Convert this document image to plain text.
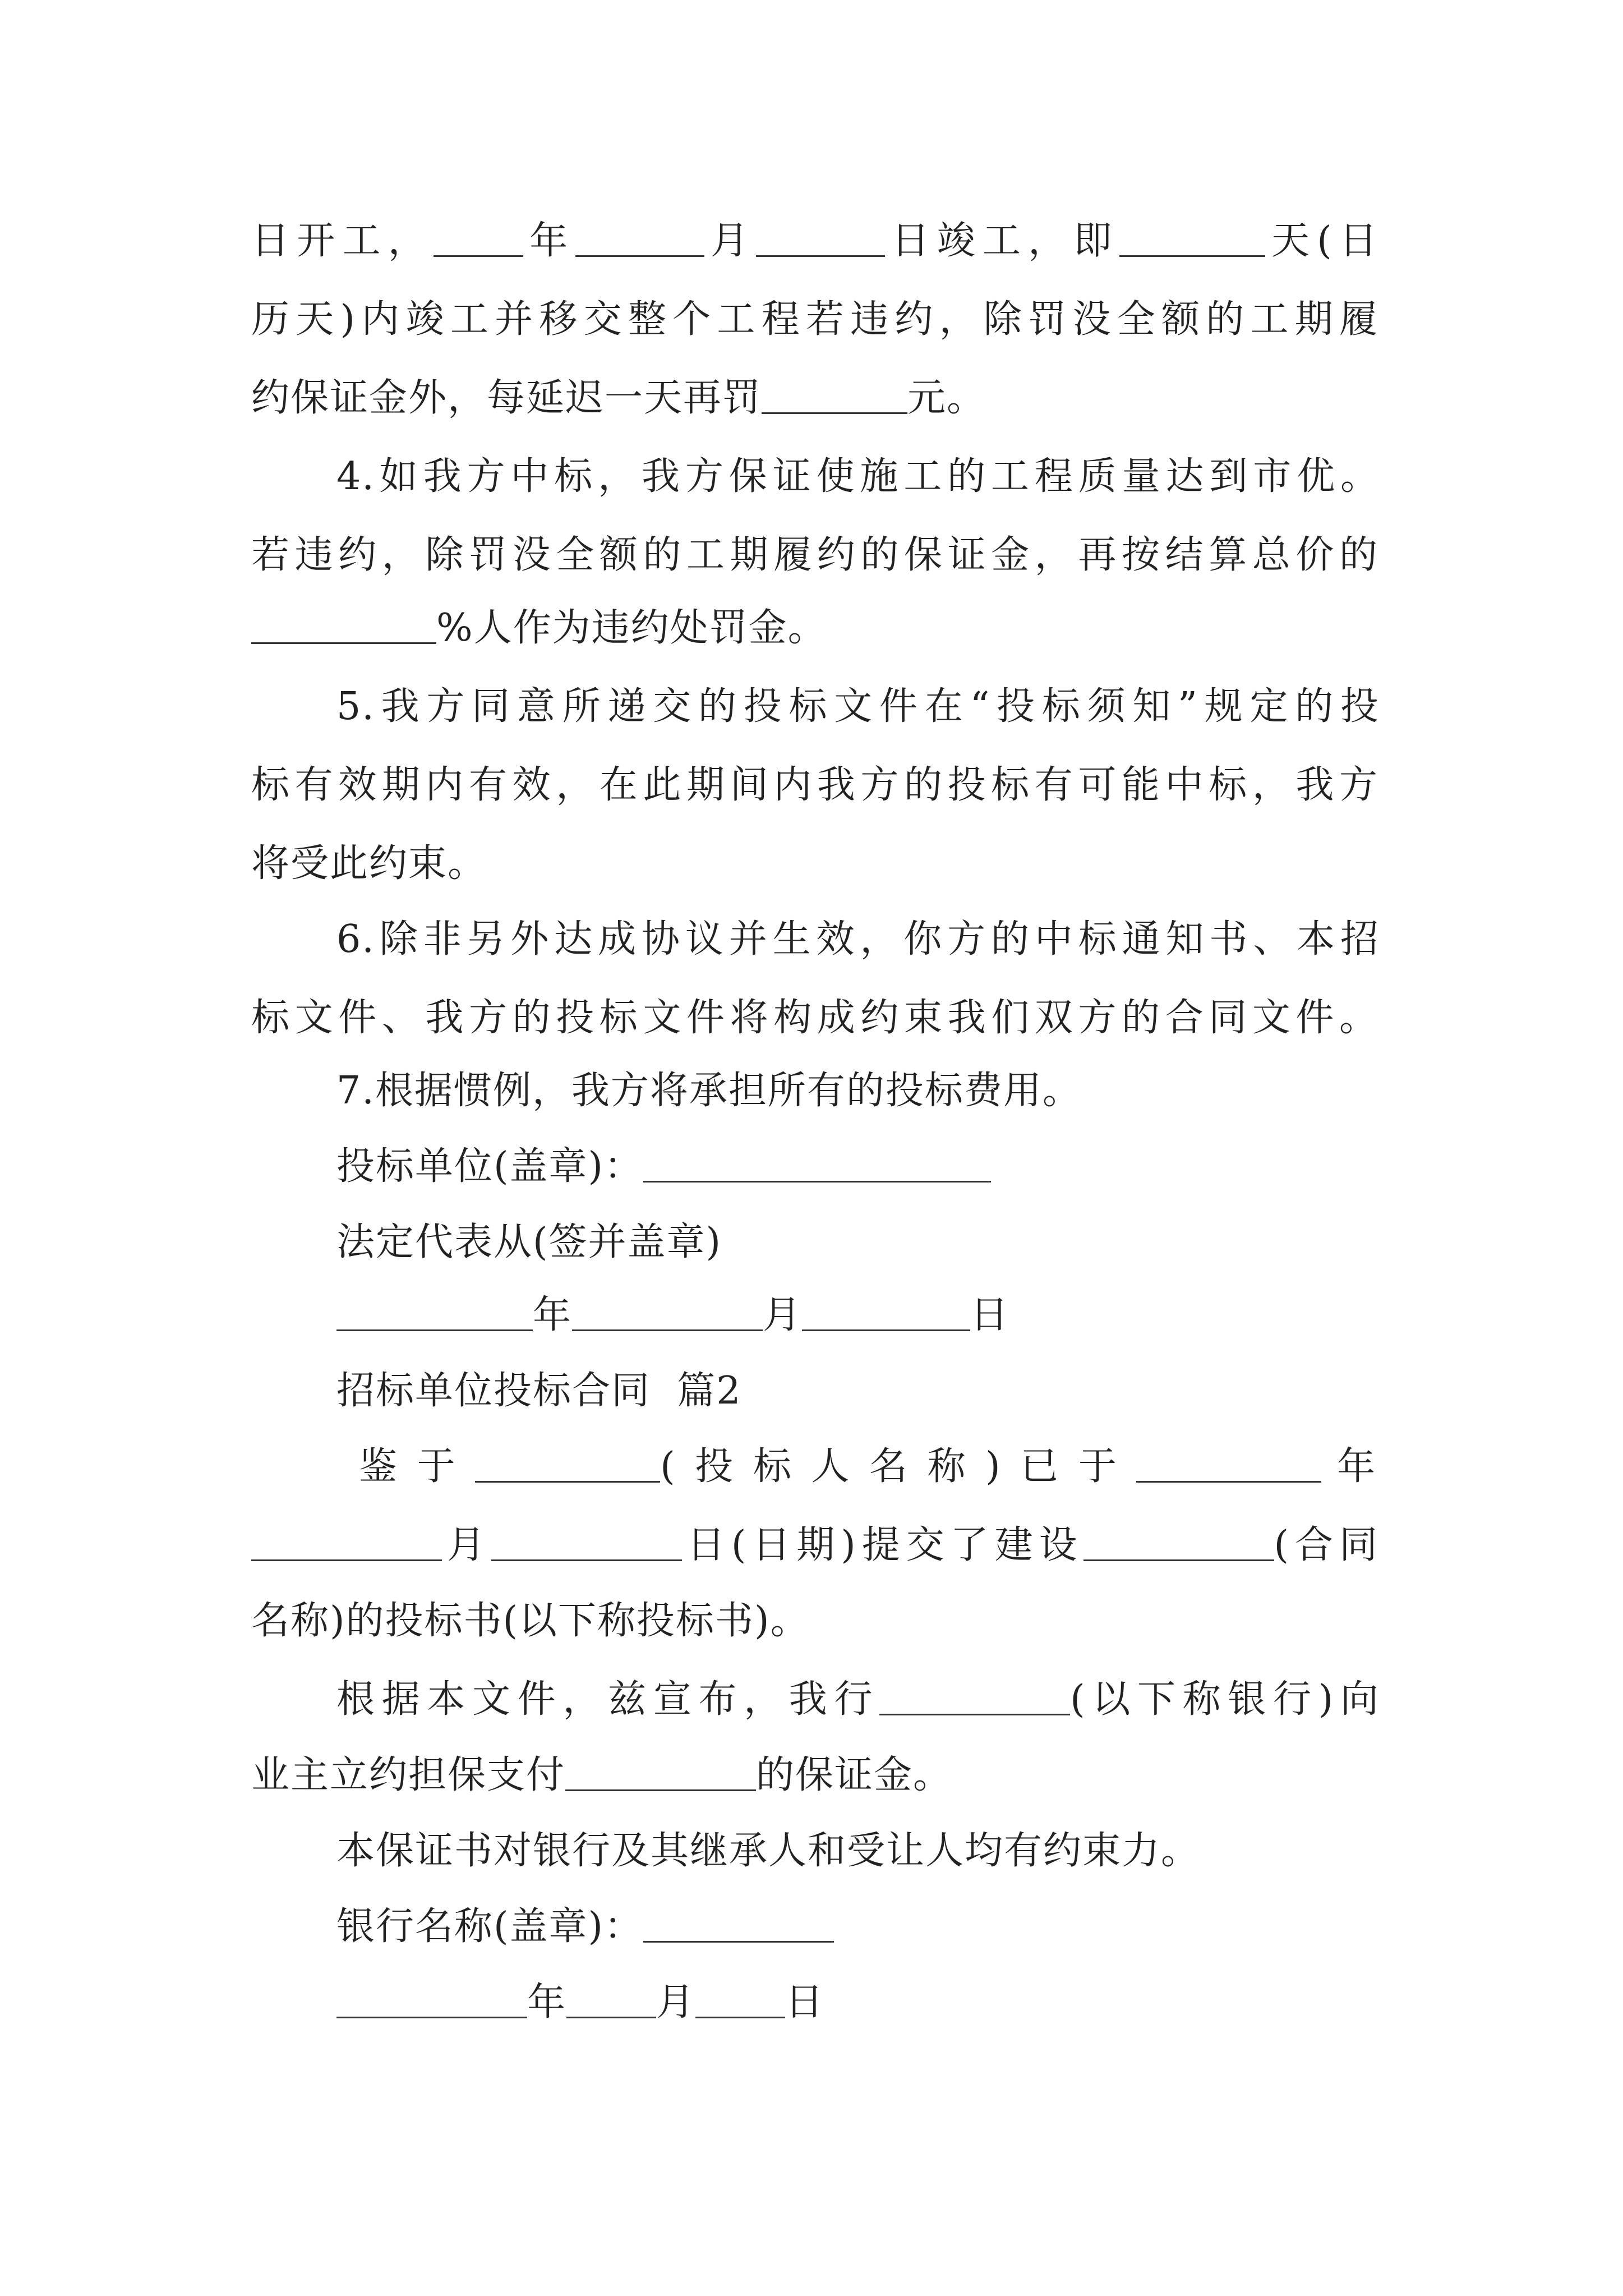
日开工， 年	月	日竣工，即	天(日
历天)内竣工并移交整个工程若违约，除罚没全额的工期履
约保证金外，每延迟一天再罚	元。
4.如我方中标，我方保证使施工的工程质量达到市优。
若违约，除罚没全额的工期履约的保证金，再按结算总价的
%人作为违约处罚金。
5.我方同意所递交的投标文件在“投标须知”规定的投
标有效期内有效，在此期间内我方的投标有可能中标，我方
将受此约束。
6.除非另外达成协议并生效，你方的中标通知书、本招
标文件、我方的投标文件将构成约束我们双方的合同文件。
7.根据惯例，我方将承担所有的投标费用。
投标单位(盖章)：
法定代表从(签并盖章)
年	月	日
招标单位投标合同  篇2
鉴于	(投标人名称)已于	年
月	日(日期)提交了建设	(合同
名称)的投标书(以下称投标书)。
根据本文件，兹宣布，我行	(以下称银行)向
业主立约担保支付	的保证金。
本保证书对银行及其继承人和受让人均有约束力。
银行名称(盖章)：
年 月 日
